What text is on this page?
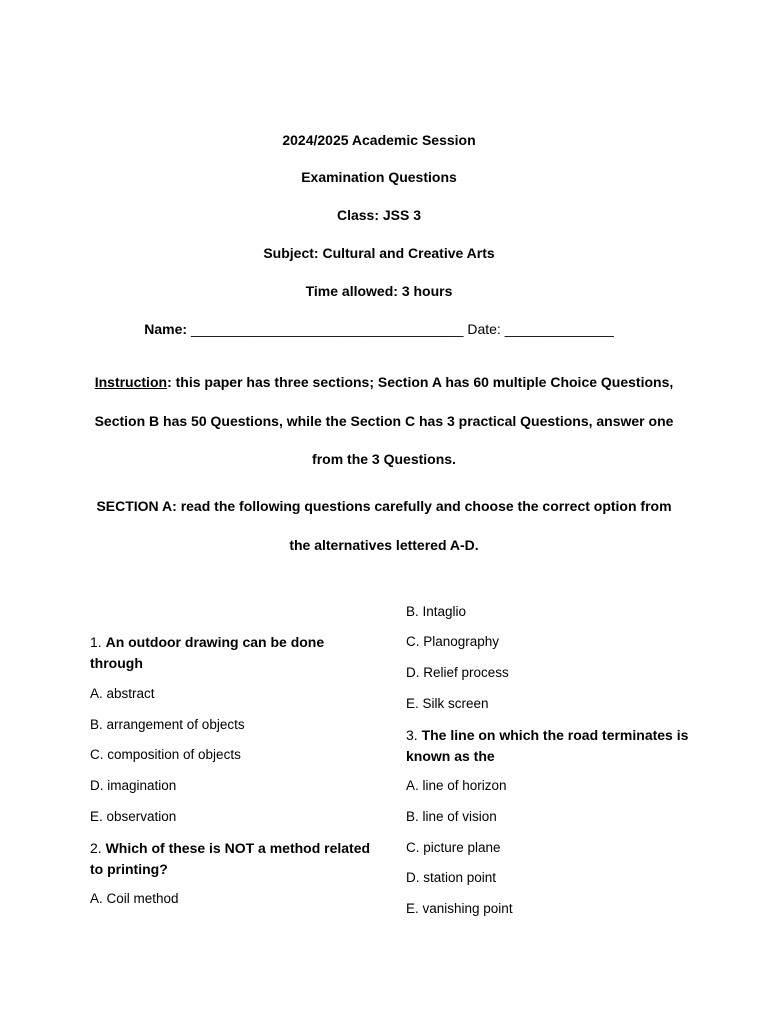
2024/2025 Academic Session
Examination Questions
Class: JSS 3
Subject: Cultural and Creative Arts
Time allowed: 3 hours
Name: ___________________________________ Date: ______________
Instruction: this paper has three sections; Section A has 60 multiple Choice Questions, Section B has 50 Questions, while the Section C has 3 practical Questions, answer one from the 3 Questions.
SECTION A: read the following questions carefully and choose the correct option from the alternatives lettered A-D.
1. An outdoor drawing can be done through
A. abstract
B. arrangement of objects
C. composition of objects
D. imagination
E. observation
2. Which of these is NOT a method related to printing?
A. Coil method
B. Intaglio
C. Planography
D. Relief process
E. Silk screen
3. The line on which the road terminates is known as the
A. line of horizon
B. line of vision
C. picture plane
D. station point
E. vanishing point
